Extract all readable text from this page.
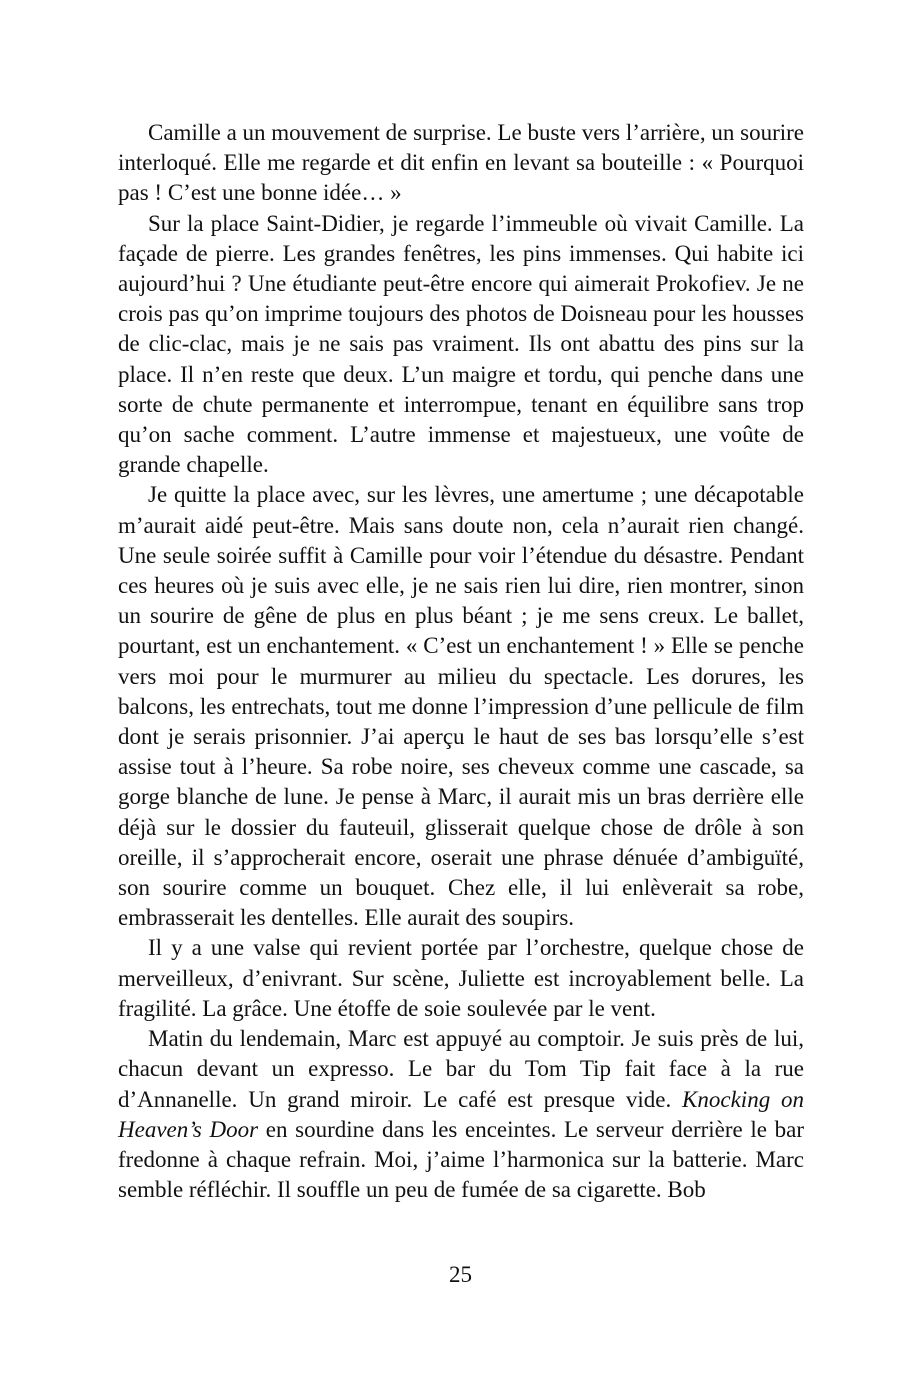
Camille a un mouvement de surprise. Le buste vers l’arrière, un sourire interloqué. Elle me regarde et dit enfin en levant sa bouteille : « Pourquoi pas ! C’est une bonne idée… »

Sur la place Saint-Didier, je regarde l’immeuble où vivait Camille. La façade de pierre. Les grandes fenêtres, les pins immenses. Qui habite ici aujourd’hui ? Une étudiante peut-être encore qui aimerait Prokofiev. Je ne crois pas qu’on imprime toujours des photos de Doisneau pour les housses de clic-clac, mais je ne sais pas vraiment. Ils ont abattu des pins sur la place. Il n’en reste que deux. L’un maigre et tordu, qui penche dans une sorte de chute permanente et interrompue, tenant en équilibre sans trop qu’on sache comment. L’autre immense et majestueux, une voûte de grande chapelle.

Je quitte la place avec, sur les lèvres, une amertume ; une décapotable m’aurait aidé peut-être. Mais sans doute non, cela n’aurait rien changé. Une seule soirée suffit à Camille pour voir l’étendue du désastre. Pendant ces heures où je suis avec elle, je ne sais rien lui dire, rien montrer, sinon un sourire de gêne de plus en plus béant ; je me sens creux. Le ballet, pourtant, est un enchantement. « C’est un enchantement ! » Elle se penche vers moi pour le murmurer au milieu du spectacle. Les dorures, les balcons, les entrechats, tout me donne l’impression d’une pellicule de film dont je serais prisonnier. J’ai aperçu le haut de ses bas lorsqu’elle s’est assise tout à l’heure. Sa robe noire, ses cheveux comme une cascade, sa gorge blanche de lune. Je pense à Marc, il aurait mis un bras derrière elle déjà sur le dossier du fauteuil, glisserait quelque chose de drôle à son oreille, il s’approcherait encore, oserait une phrase dénuée d’ambiguïté, son sourire comme un bouquet. Chez elle, il lui enlèverait sa robe, embrasserait les dentelles. Elle aurait des soupirs.

Il y a une valse qui revient portée par l’orchestre, quelque chose de merveilleux, d’enivrant. Sur scène, Juliette est incroyablement belle. La fragilité. La grâce. Une étoffe de soie soulevée par le vent.

Matin du lendemain, Marc est appuyé au comptoir. Je suis près de lui, chacun devant un expresso. Le bar du Tom Tip fait face à la rue d’Annanelle. Un grand miroir. Le café est presque vide. Knocking on Heaven’s Door en sourdine dans les enceintes. Le serveur derrière le bar fredonne à chaque refrain. Moi, j’aime l’harmonica sur la batterie. Marc semble réfléchir. Il souffle un peu de fumée de sa cigarette. Bob

25
